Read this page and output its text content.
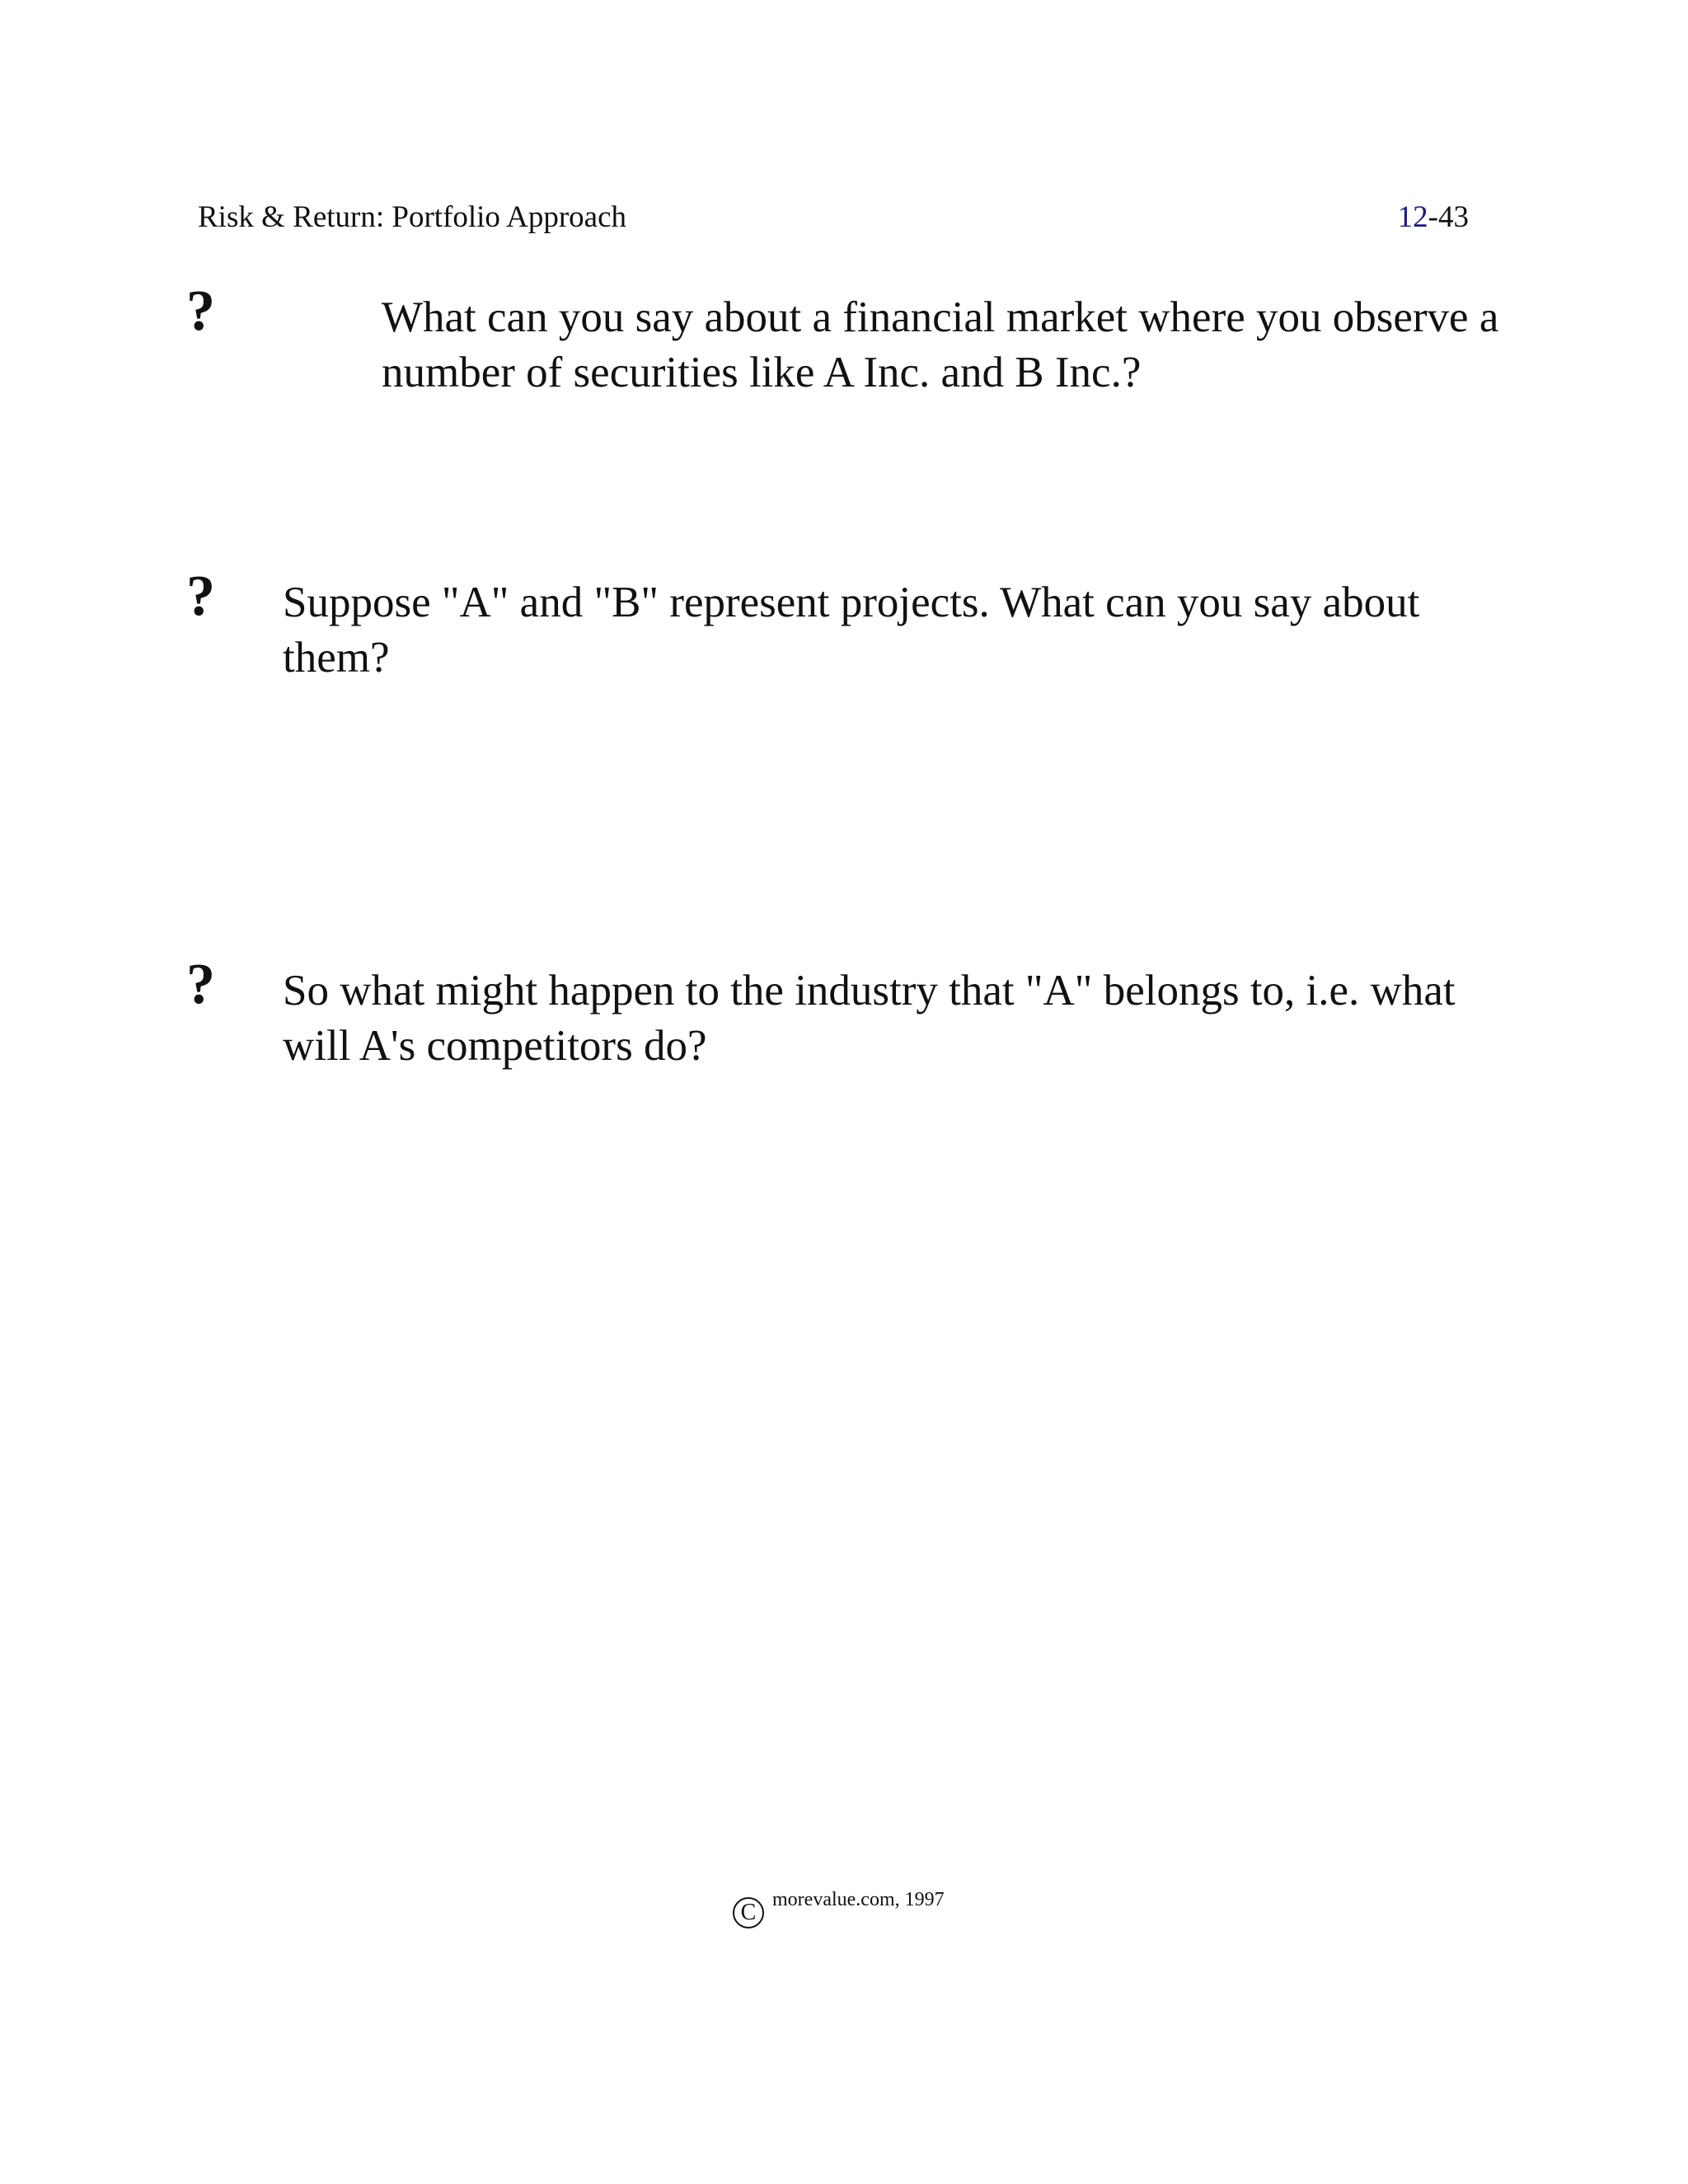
Risk & Return: Portfolio Approach	12-43
?	What can you say about a financial market where you observe a number of securities like A Inc. and B Inc.?
? Suppose "A" and "B" represent projects. What can you say about them?
? So what might happen to the industry that "A" belongs to, i.e. what will A's competitors do?
C morevalue.com, 1997
